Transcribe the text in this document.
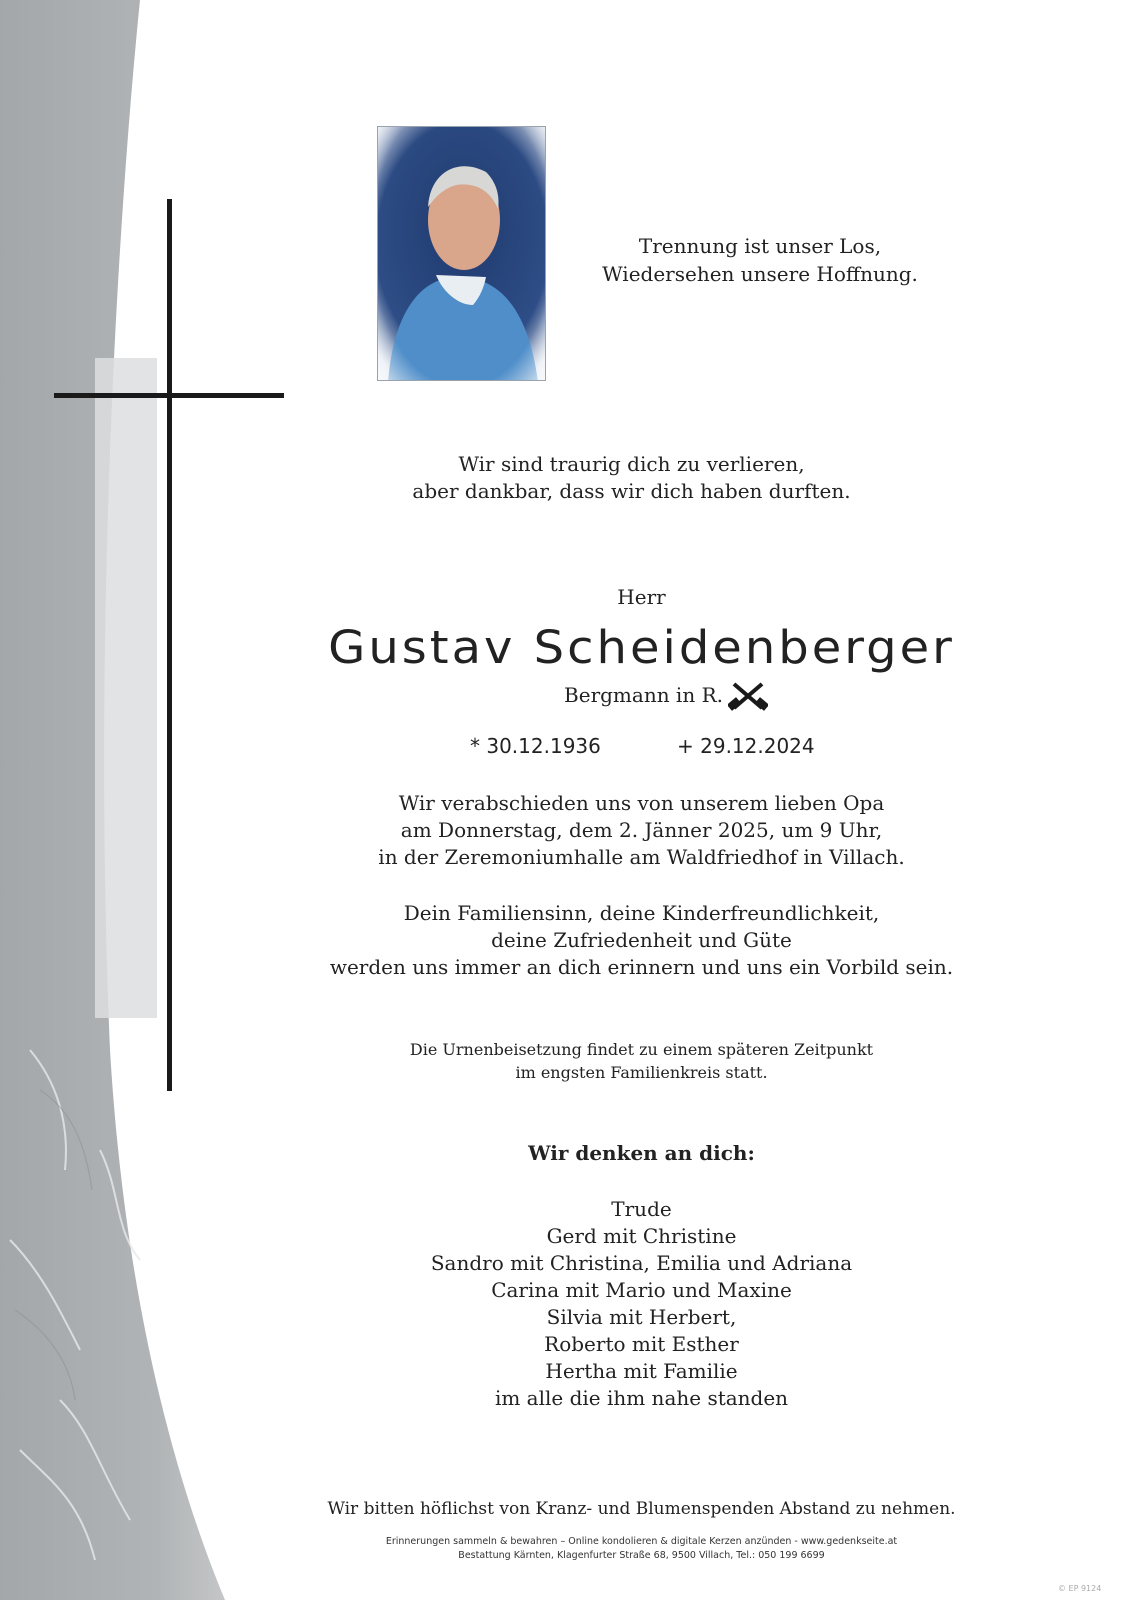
Trennung ist unser Los,
Wiedersehen unsere Hoffnung.
Wir sind traurig dich zu verlieren,
aber dankbar, dass wir dich haben durften.
Herr
Gustav Scheidenberger
Bergmann in R.
* 30.12.1936	+ 29.12.2024
Wir verabschieden uns von unserem lieben Opa
am Donnerstag, dem 2. Jänner 2025, um 9 Uhr,
in der Zeremoniumhalle am Waldfriedhof in Villach.
Dein Familiensinn, deine Kinderfreundlichkeit,
deine Zufriedenheit und Güte
werden uns immer an dich erinnern und uns ein Vorbild sein.
Die Urnenbeisetzung findet zu einem späteren Zeitpunkt
im engsten Familienkreis statt.
Wir denken an dich:
Trude
Gerd mit Christine
Sandro mit Christina, Emilia und Adriana
Carina mit Mario und Maxine
Silvia mit Herbert,
Roberto mit Esther
Hertha mit Familie
im alle die ihm nahe standen
Wir bitten höflichst von Kranz- und Blumenspenden Abstand zu nehmen.
Erinnerungen sammeln & bewahren – Online kondolieren & digitale Kerzen anzünden - www.gedenkseite.at
Bestattung Kärnten, Klagenfurter Straße 68, 9500 Villach, Tel.: 050 199 6699
© EP 9124
